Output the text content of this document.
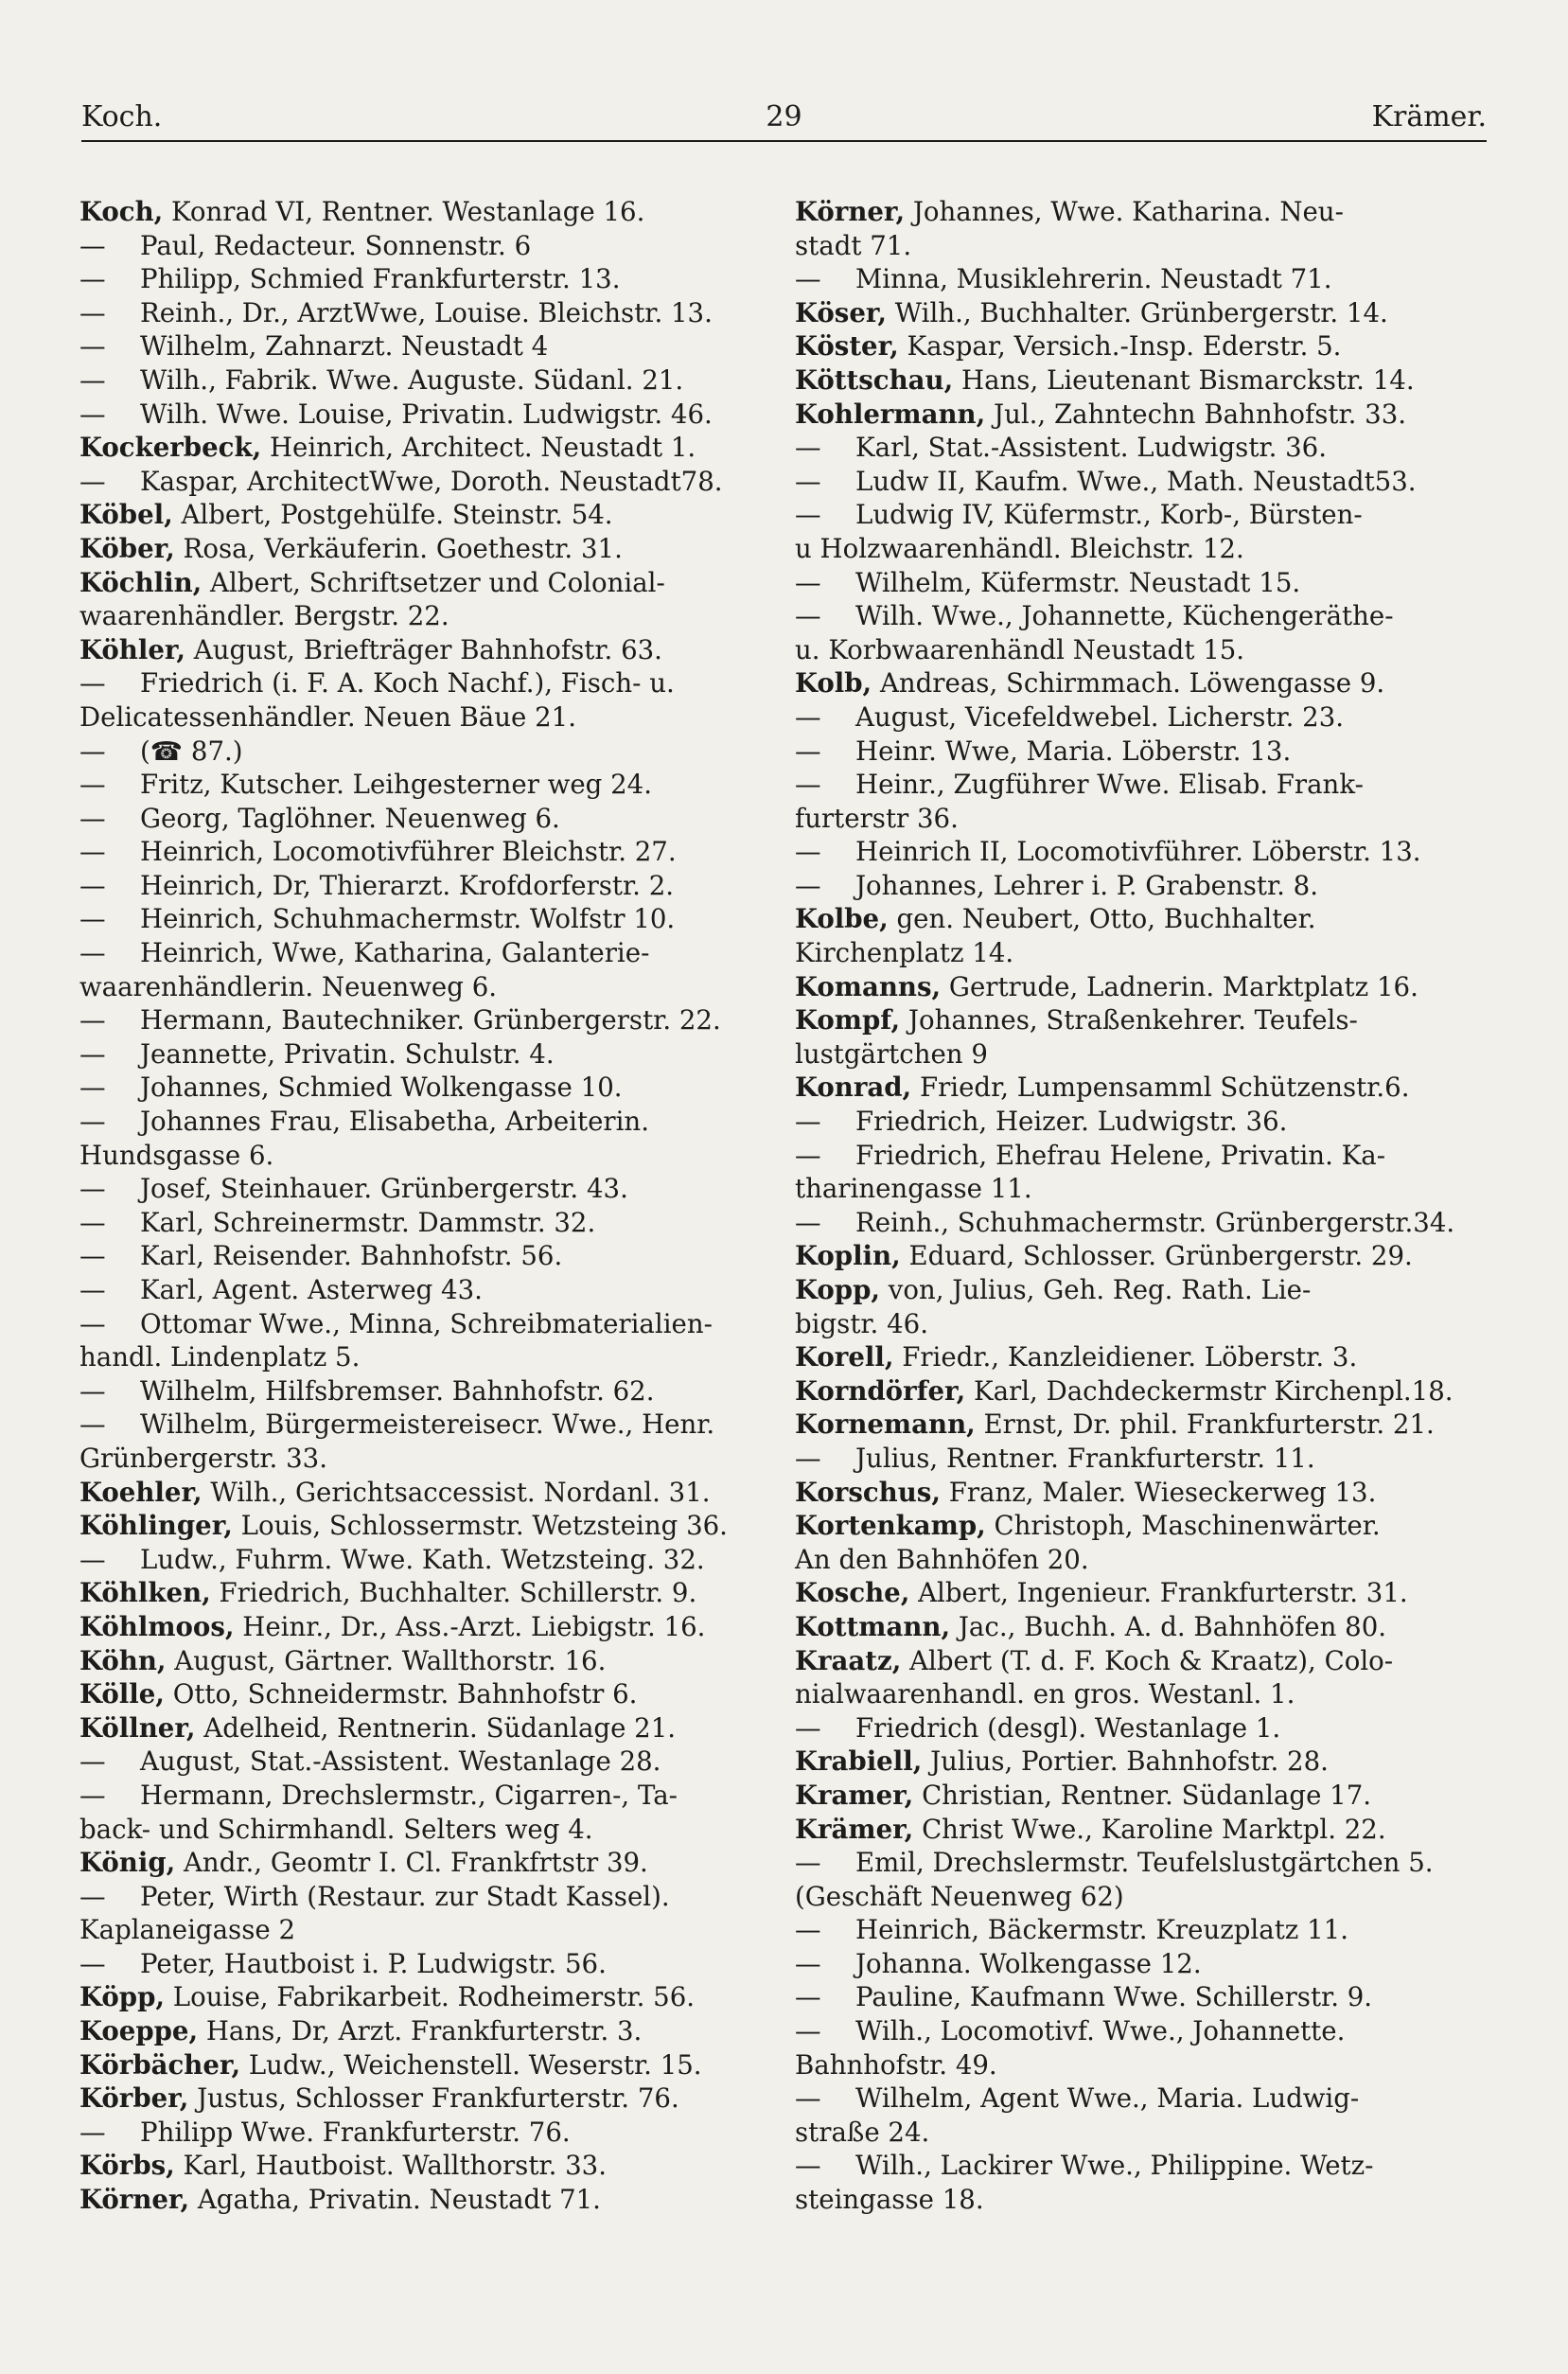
Koch.	29	Krämer.
Koch, Konrad VI, Rentner. Westanlage 16.
— Paul, Redacteur. Sonnenstr. 6
— Philipp, Schmied Frankfurterstr. 13.
— Reinh., Dr., ArztWwe, Louise. Bleichstr. 13.
— Wilhelm, Zahnarzt. Neustadt 4
— Wilh., Fabrik. Wwe. Auguste. Südanl. 21.
— Wilh. Wwe. Louise, Privatin. Ludwigstr. 46.
Kockerbeck, Heinrich, Architect. Neustadt 1.
— Kaspar, ArchitectWwe, Doroth. Neustadt78.
Köbel, Albert, Postgehülfe. Steinstr. 54.
Köber, Rosa, Verkäuferin. Goethestr. 31.
Köchlin, Albert, Schriftsetzer und Colonial-
waarenhändler. Bergstr. 22.
Köhler, August, Briefträger Bahnhofstr. 63.
— Friedrich (i. F. A. Koch Nachf.), Fisch- u.
Delicatessenhändler. Neuen Bäue 21.
— (☎ 87.)
— Fritz, Kutscher. Leihgesterner weg 24.
— Georg, Taglöhner. Neuenweg 6.
— Heinrich, Locomotivführer Bleichstr. 27.
— Heinrich, Dr, Thierarzt. Krofdorferstr. 2.
— Heinrich, Schuhmachermstr. Wolfstr 10.
— Heinrich, Wwe, Katharina, Galanterie-
waarenhändlerin. Neuenweg 6.
— Hermann, Bautechniker. Grünbergerstr. 22.
— Jeannette, Privatin. Schulstr. 4.
— Johannes, Schmied Wolkengasse 10.
— Johannes Frau, Elisabetha, Arbeiterin.
Hundsgasse 6.
— Josef, Steinhauer. Grünbergerstr. 43.
— Karl, Schreinermstr. Dammstr. 32.
— Karl, Reisender. Bahnhofstr. 56.
— Karl, Agent. Asterweg 43.
— Ottomar Wwe., Minna, Schreibmaterialien-
handl. Lindenplatz 5.
— Wilhelm, Hilfsbremser. Bahnhofstr. 62.
— Wilhelm, Bürgermeistereisecr. Wwe., Henr.
Grünbergerstr. 33.
Koehler, Wilh., Gerichtsaccessist. Nordanl. 31.
Köhlinger, Louis, Schlossermstr. Wetzsteing 36.
— Ludw., Fuhrm. Wwe. Kath. Wetzsteing. 32.
Köhlken, Friedrich, Buchhalter. Schillerstr. 9.
Köhlmoos, Heinr., Dr., Ass.-Arzt. Liebigstr. 16.
Köhn, August, Gärtner. Wallthorstr. 16.
Kölle, Otto, Schneidermstr. Bahnhofstr 6.
Köllner, Adelheid, Rentnerin. Südanlage 21.
— August, Stat.-Assistent. Westanlage 28.
— Hermann, Drechslermstr., Cigarren-, Ta-
back- und Schirmhandl. Selters weg 4.
König, Andr., Geomtr I. Cl. Frankfrtstr 39.
— Peter, Wirth (Restaur. zur Stadt Kassel).
Kaplaneigasse 2
— Peter, Hautboist i. P. Ludwigstr. 56.
Köpp, Louise, Fabrikarbeit. Rodheimerstr. 56.
Koeppe, Hans, Dr, Arzt. Frankfurterstr. 3.
Körbächer, Ludw., Weichenstell. Weserstr. 15.
Körber, Justus, Schlosser Frankfurterstr. 76.
— Philipp Wwe. Frankfurterstr. 76.
Körbs, Karl, Hautboist. Wallthorstr. 33.
Körner, Agatha, Privatin. Neustadt 71.
Körner, Johannes, Wwe. Katharina. Neu-
stadt 71.
— Minna, Musiklehrerin. Neustadt 71.
Köser, Wilh., Buchhalter. Grünbergerstr. 14.
Köster, Kaspar, Versich.-Insp. Ederstr. 5.
Köttschau, Hans, Lieutenant Bismarckstr. 14.
Kohlermann, Jul., Zahntechn Bahnhofstr. 33.
— Karl, Stat.-Assistent. Ludwigstr. 36.
— Ludw II, Kaufm. Wwe., Math. Neustadt53.
— Ludwig IV, Küfermstr., Korb-, Bürsten-
u Holzwaarenhändl. Bleichstr. 12.
— Wilhelm, Küfermstr. Neustadt 15.
— Wilh. Wwe., Johannette, Küchengeräthe-
u. Korbwaarenhändl Neustadt 15.
Kolb, Andreas, Schirmmach. Löwengasse 9.
— August, Vicefeldwebel. Licherstr. 23.
— Heinr. Wwe, Maria. Löberstr. 13.
— Heinr., Zugführer Wwe. Elisab. Frank-
furterstr 36.
— Heinrich II, Locomotivführer. Löberstr. 13.
— Johannes, Lehrer i. P. Grabenstr. 8.
Kolbe, gen. Neubert, Otto, Buchhalter.
Kirchenplatz 14.
Komanns, Gertrude, Ladnerin. Marktplatz 16.
Kompf, Johannes, Straßenkehrer. Teufels-
lustgärtchen 9
Konrad, Friedr, Lumpensamml Schützenstr.6.
— Friedrich, Heizer. Ludwigstr. 36.
— Friedrich, Ehefrau Helene, Privatin. Ka-
tharinengasse 11.
— Reinh., Schuhmachermstr. Grünbergerstr.34.
Koplin, Eduard, Schlosser. Grünbergerstr. 29.
Kopp, von, Julius, Geh. Reg. Rath. Lie-
bigstr. 46.
Korell, Friedr., Kanzleidiener. Löberstr. 3.
Korndörfer, Karl, Dachdeckermstr Kirchenpl.18.
Kornemann, Ernst, Dr. phil. Frankfurterstr. 21.
— Julius, Rentner. Frankfurterstr. 11.
Korschus, Franz, Maler. Wieseckerweg 13.
Kortenkamp, Christoph, Maschinenwärter.
An den Bahnhöfen 20.
Kosche, Albert, Ingenieur. Frankfurterstr. 31.
Kottmann, Jac., Buchh. A. d. Bahnhöfen 80.
Kraatz, Albert (T. d. F. Koch & Kraatz), Colo-
nialwaarenhandl. en gros. Westanl. 1.
— Friedrich (desgl). Westanlage 1.
Krabiell, Julius, Portier. Bahnhofstr. 28.
Kramer, Christian, Rentner. Südanlage 17.
Krämer, Christ Wwe., Karoline Marktpl. 22.
— Emil, Drechslermstr. Teufelslustgärtchen 5.
(Geschäft Neuenweg 62)
— Heinrich, Bäckermstr. Kreuzplatz 11.
— Johanna. Wolkengasse 12.
— Pauline, Kaufmann Wwe. Schillerstr. 9.
— Wilh., Locomotivf. Wwe., Johannette.
Bahnhofstr. 49.
— Wilhelm, Agent Wwe., Maria. Ludwig-
straße 24.
— Wilh., Lackirer Wwe., Philippine. Wetz-
steingasse 18.
